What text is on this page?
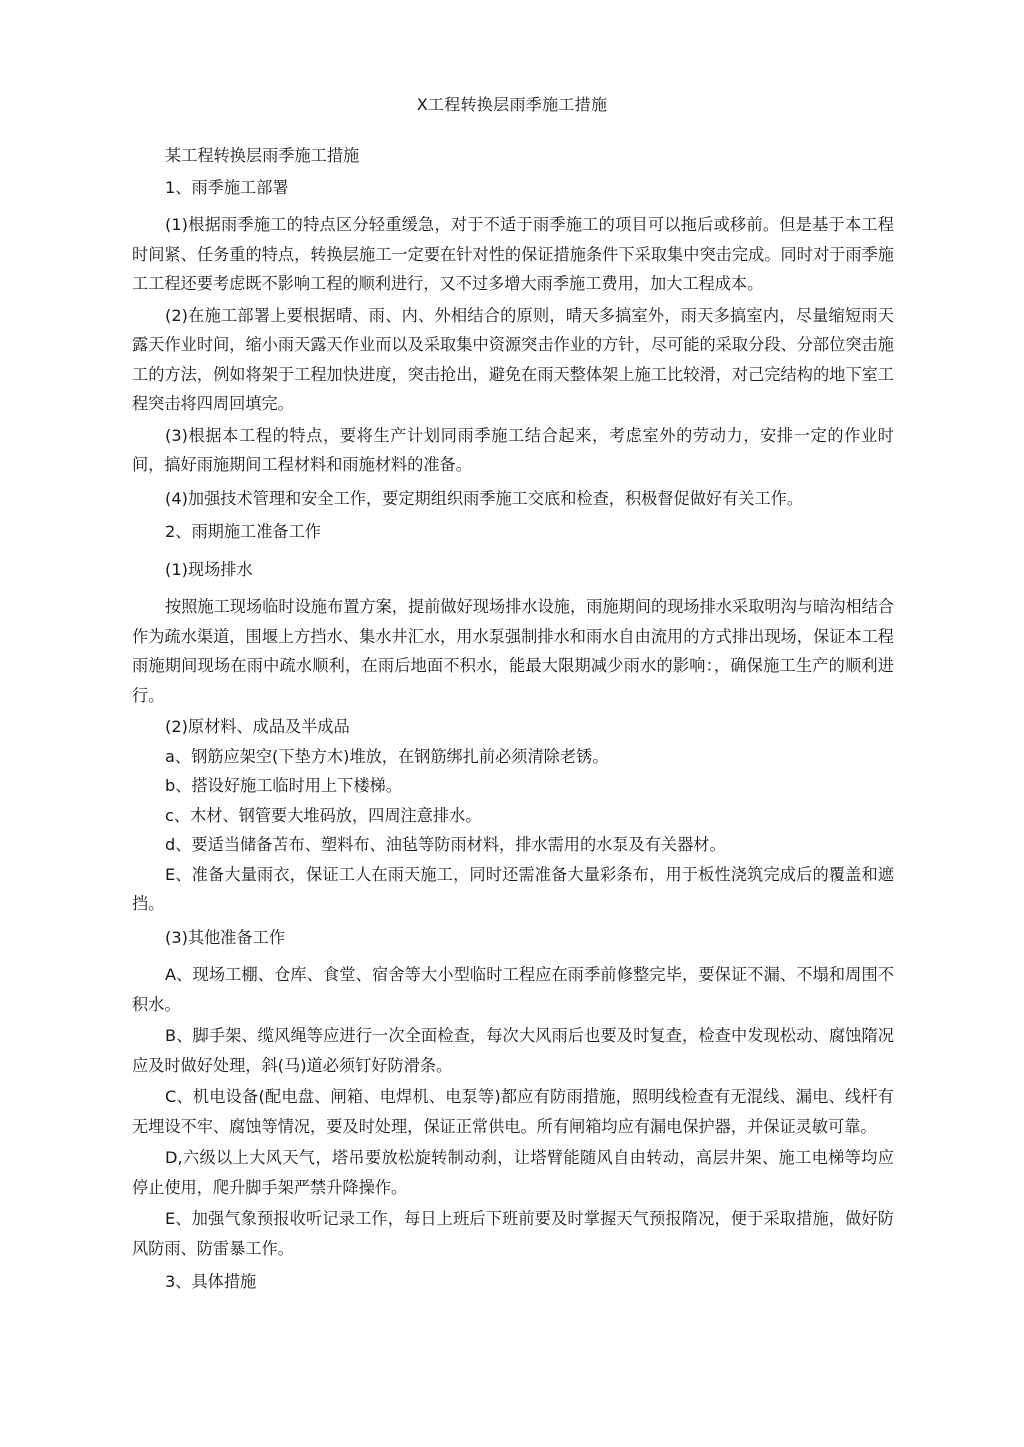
X工程转换层雨季施工措施

某工程转换层雨季施工措施

1、雨季施工部署

(1)根据雨季施工的特点区分轻重缓急，对于不适于雨季施工的项目可以拖后或移前。但是基于本工程时间紧、任务重的特点，转换层施工一定要在针对性的保证措施条件下采取集中突击完成。同时对于雨季施工工程还要考虑既不影响工程的顺利进行，又不过多增大雨季施工费用，加大工程成本。

(2)在施工部署上要根据晴、雨、内、外相结合的原则，晴天多搞室外，雨天多搞室内，尽量缩短雨天露天作业时间，缩小雨天露天作业而以及采取集中资源突击作业的方针，尽可能的采取分段、分部位突击施工的方法，例如将架于工程加快进度，突击抢出，避免在雨天整体架上施工比较滑，对己完结构的地下室工程突击将四周回填完。

(3)根据本工程的特点，要将生产计划同雨季施工结合起来，考虑室外的劳动力，安排一定的作业时间，搞好雨施期间工程材料和雨施材料的准备。

(4)加强技术管理和安全工作，要定期组织雨季施工交底和检查，积极督促做好有关工作。

2、雨期施工准备工作

(1)现场排水

按照施工现场临时设施布置方案，提前做好现场排水设施，雨施期间的现场排水采取明沟与暗沟相结合作为疏水渠道，围堰上方挡水、集水井汇水，用水泵强制排水和雨水自由流用的方式排出现场，保证本工程雨施期间现场在雨中疏水顺利，在雨后地面不积水，能最大限期减少雨水的影响：，确保施工生产的顺利进行。

(2)原材料、成品及半成品

a、钢筋应架空(下垫方木)堆放，在钢筋绑扎前必须清除老锈。

b、搭设好施工临时用上下楼梯。

c、木材、钢管要大堆码放，四周注意排水。

d、要适当储备苫布、塑料布、油毡等防雨材料，排水需用的水泵及有关器材。

E、准备大量雨衣，保证工人在雨天施工，同时还需准备大量彩条布，用于板性浇筑完成后的覆盖和遮挡。

(3)其他准备工作

A、现场工棚、仓库、食堂、宿舍等大小型临时工程应在雨季前修整完毕，要保证不漏、不塌和周围不积水。

B、脚手架、缆风绳等应进行一次全面检查，每次大风雨后也要及时复查，检查中发现松动、腐蚀隋况应及时做好处理，斜(马)道必须钉好防滑条。

C、机电设备(配电盘、闸箱、电焊机、电泵等)都应有防雨措施，照明线检查有无混线、漏电、线杆有无埋设不牢、腐蚀等情况，要及时处理，保证正常供电。所有闸箱均应有漏电保护器，并保证灵敏可靠。

D,六级以上大风天气，塔吊要放松旋转制动刹，让塔臂能随风自由转动，高层井架、施工电梯等均应停止使用，爬升脚手架严禁升降操作。

E、加强气象预报收听记录工作，每日上班后下班前要及时掌握天气预报隋况，便于采取措施，做好防风防雨、防雷暴工作。

3、具体措施
